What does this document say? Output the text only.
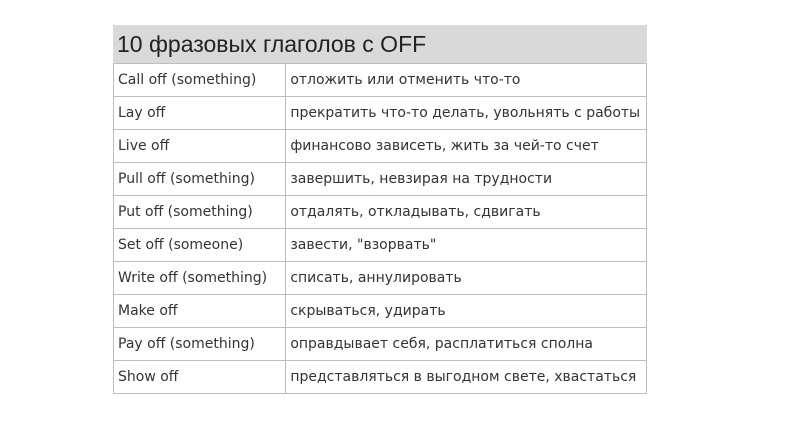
10 фразовых глаголов с OFF
Call off (something)	отложить или отменить что-то
Lay off	прекратить что-то делать, увольнять с работы
Live off	финансово зависеть, жить за чей-то счет
Pull off (something)	завершить, невзирая на трудности
Put off (something)	отдалять, откладывать, сдвигать
Set off (someone)	завести, "взорвать"
Write off (something)	списать, аннулировать
Make off	скрываться, удирать
Pay off (something)	оправдывает себя, расплатиться сполна
Show off	представляться в выгодном свете, хвастаться
